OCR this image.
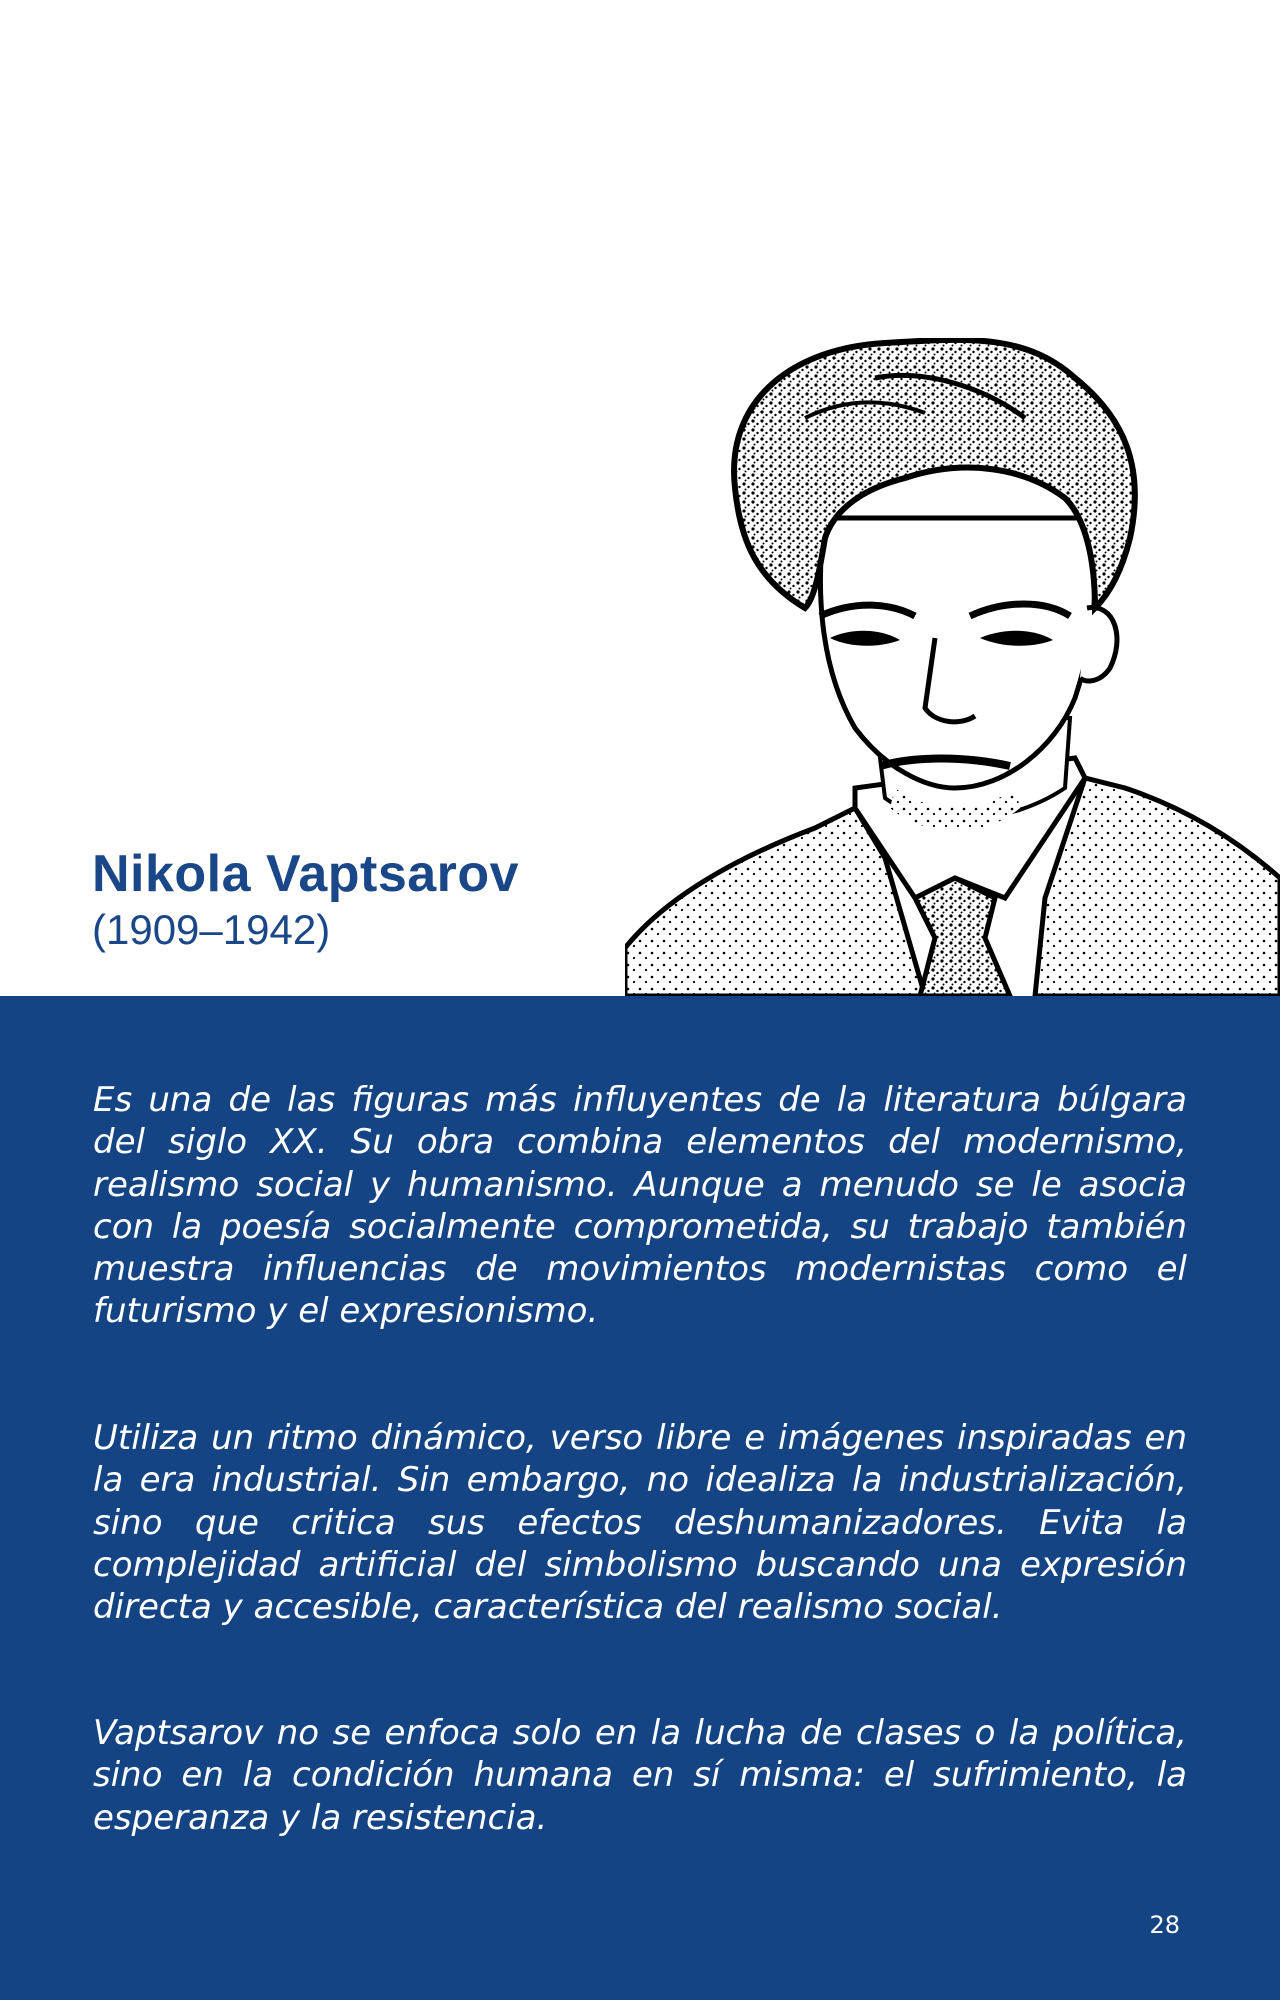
Nikola Vaptsarov
(1909–1942)

Es una de las figuras más influyentes de la literatura búlgara del siglo XX. Su obra combina elementos del modernismo, realismo social y humanismo. Aunque a menudo se le asocia con la poesía socialmente comprometida, su trabajo también muestra influencias de movimientos modernistas como el futurismo y el expresionismo.

Utiliza un ritmo dinámico, verso libre e imágenes inspiradas en la era industrial. Sin embargo, no idealiza la industrialización, sino que critica sus efectos deshumanizadores. Evita la complejidad artificial del simbolismo buscando una expresión directa y accesible, característica del realismo social.

Vaptsarov no se enfoca solo en la lucha de clases o la política, sino en la condición humana en sí misma: el sufrimiento, la esperanza y la resistencia.

28
